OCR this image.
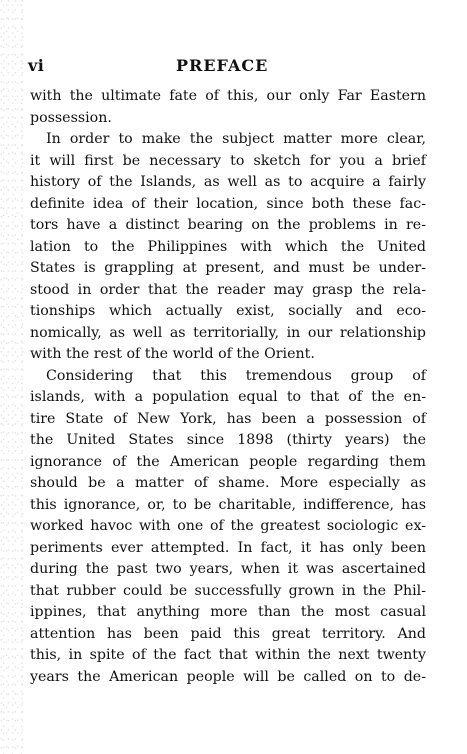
vi	PREFACE
with the ultimate fate of this, our only Far Eastern
possession.
In order to make the subject matter more clear,
it will first be necessary to sketch for you a brief
history of the Islands, as well as to acquire a fairly
definite idea of their location, since both these fac-
tors have a distinct bearing on the problems in re-
lation to the Philippines with which the United
States is grappling at present, and must be under-
stood in order that the reader may grasp the rela-
tionships which actually exist, socially and eco-
nomically, as well as territorially, in our relationship
with the rest of the world of the Orient.
Considering that this tremendous group of
islands, with a population equal to that of the en-
tire State of New York, has been a possession of
the United States since 1898 (thirty years) the
ignorance of the American people regarding them
should be a matter of shame. More especially as
this ignorance, or, to be charitable, indifference, has
worked havoc with one of the greatest sociologic ex-
periments ever attempted. In fact, it has only been
during the past two years, when it was ascertained
that rubber could be successfully grown in the Phil-
ippines, that anything more than the most casual
attention has been paid this great territory. And
this, in spite of the fact that within the next twenty
years the American people will be called on to de-
